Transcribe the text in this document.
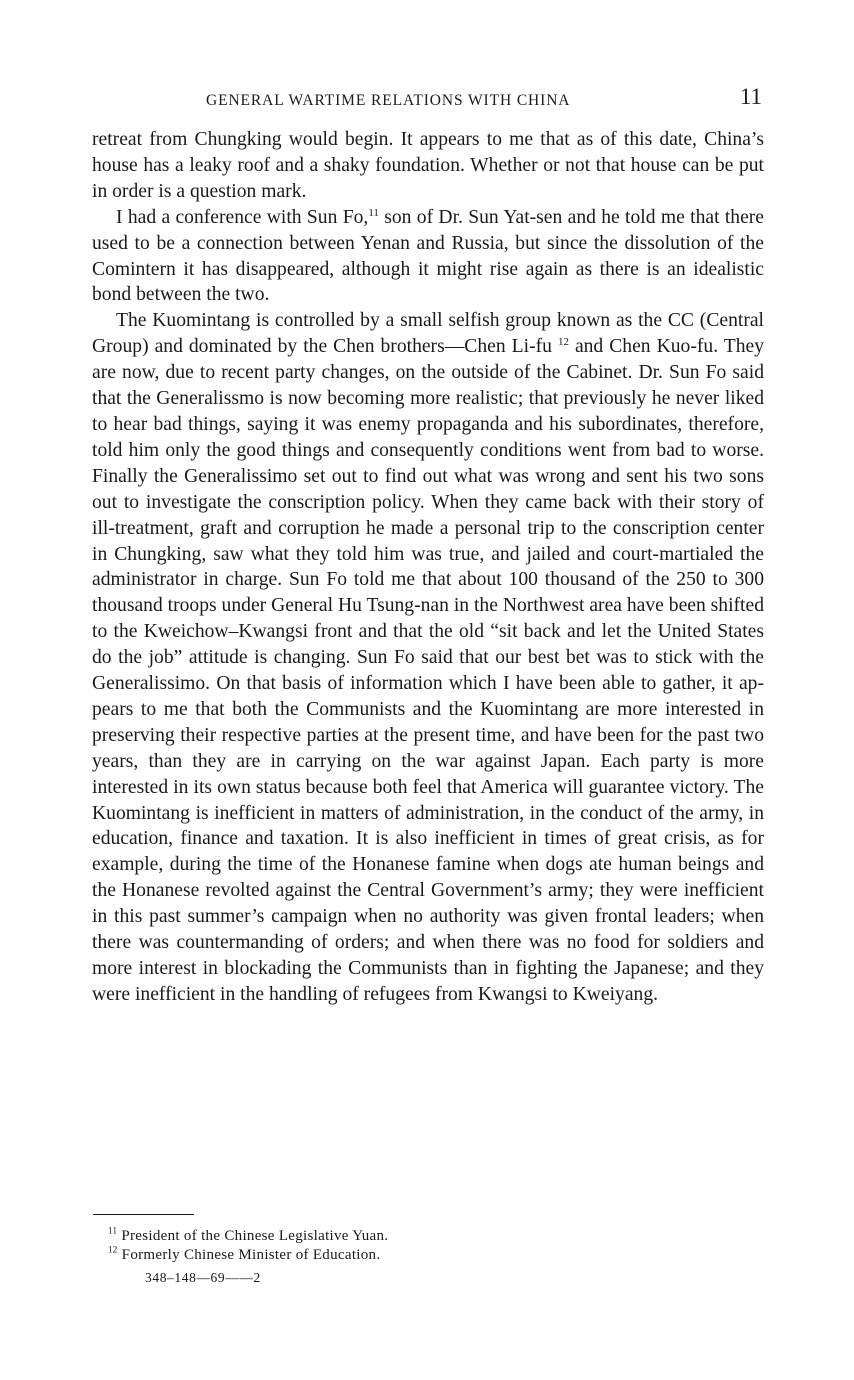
GENERAL WARTIME RELATIONS WITH CHINA	11

retreat from Chungking would begin. It appears to me that as of this date, China’s house has a leaky roof and a shaky foundation. Whether or not that house can be put in order is a question mark.

I had a conference with Sun Fo,$^{11}$ son of Dr. Sun Yat-sen and he told me that there used to be a connection between Yenan and Russia, but since the dissolution of the Comintern it has disappeared, although it might rise again as there is an idealistic bond between the two.

The Kuomintang is controlled by a small selfish group known as the CC (Central Group) and dominated by the Chen brothers—Chen Li-fu $^{12}$ and Chen Kuo-fu. They are now, due to recent party changes, on the outside of the Cabinet. Dr. Sun Fo said that the Generalissmo is now becoming more realistic; that previously he never liked to hear bad things, saying it was enemy propaganda and his subordinates, therefore, told him only the good things and consequently conditions went from bad to worse. Finally the Generalissimo set out to find out what was wrong and sent his two sons out to investigate the conscription policy. When they came back with their story of ill-treatment, graft and corruption he made a personal trip to the conscription center in Chungking, saw what they told him was true, and jailed and court-martialed the administrator in charge. Sun Fo told me that about 100 thousand of the 250 to 300 thousand troops under General Hu Tsung-nan in the Northwest area have been shifted to the Kweichow–Kwangsi front and that the old “sit back and let the United States do the job” attitude is changing. Sun Fo said that our best bet was to stick with the Generalissimo. On that basis of information which I have been able to gather, it appears to me that both the Communists and the Kuomintang are more interested in preserving their respective parties at the present time, and have been for the past two years, than they are in carrying on the war against Japan. Each party is more interested in its own status because both feel that America will guarantee victory. The Kuomintang is inefficient in matters of administration, in the conduct of the army, in education, finance and taxation. It is also inefficient in times of great crisis, as for example, during the time of the Honanese famine when dogs ate human beings and the Honanese revolted against the Central Government’s army; they were inefficient in this past summer’s campaign when no authority was given frontal leaders; when there was countermanding of orders; and when there was no food for soldiers and more interest in blockading the Communists than in fighting the Japanese; and they were inefficient in the handling of refugees from Kwangsi to Kweiyang.

$^{11}$ President of the Chinese Legislative Yuan.
$^{12}$ Formerly Chinese Minister of Education.
348–148—69——2
